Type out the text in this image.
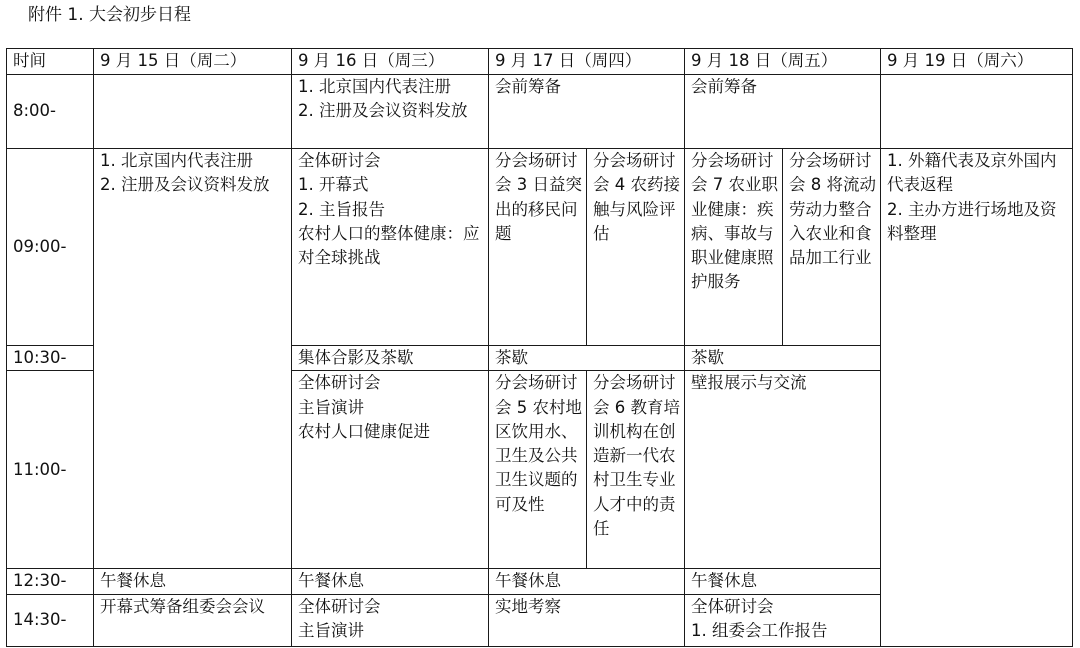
附件 1. 大会初步日程
时间	9 月 15 日（周二）	9 月 16 日（周三）	9 月 17 日（周四）		9 月 18 日（周五）		9 月 19 日（周六）
8:00-		1. 北京国内代表注册
2. 注册及会议资料发放	会前筹备		会前筹备		
09:00-	1. 北京国内代表注册
2. 注册及会议资料发放	全体研讨会
1. 开幕式
2. 主旨报告
农村人口的整体健康：应对全球挑战	分会场研讨会 3 日益突出的移民问题	分会场研讨会 4 农药接触与风险评估	分会场研讨会 7 农业职业健康：疾病、事故与职业健康照护服务	分会场研讨会 8 将流动劳动力整合入农业和食品加工行业	1. 外籍代表及京外国内代表返程
2. 主办方进行场地及资料整理

10:30-		集体合影及茶歇	茶歇		茶歇		
11:00-		全体研讨会
主旨演讲
农村人口健康促进	分会场研讨会 5 农村地区饮用水、卫生及公共卫生议题的可及性	分会场研讨会 6 教育培训机构在创造新一代农村卫生专业人才中的责任	壁报展示与交流		
12:30-	午餐休息	午餐休息	午餐休息		午餐休息		
14:30-	开幕式筹备组委会会议	全体研讨会
主旨演讲	实地考察		全体研讨会
1. 组委会工作报告		
